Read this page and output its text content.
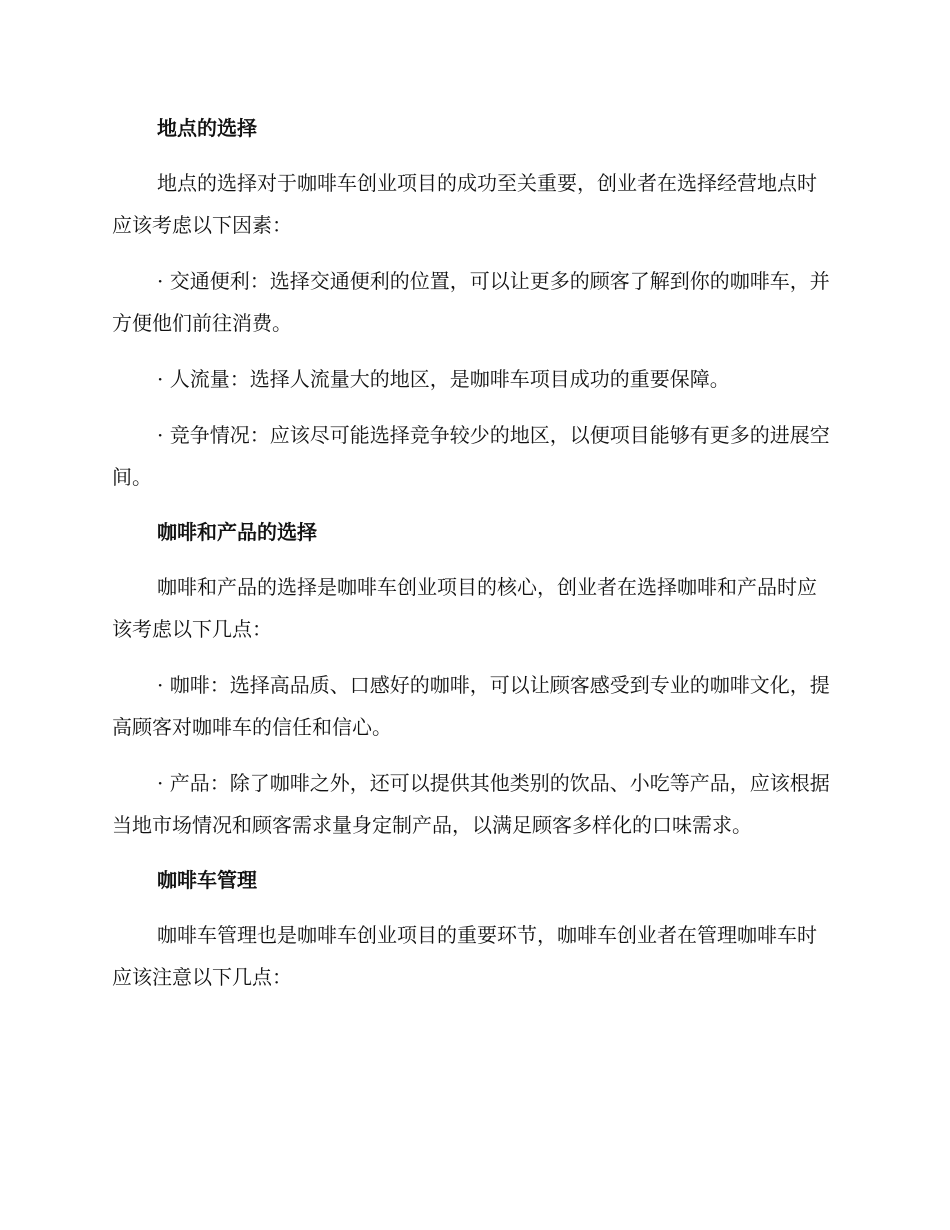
地点的选择

地点的选择对于咖啡车创业项目的成功至关重要，创业者在选择经营地点时应该考虑以下因素：

· 交通便利：选择交通便利的位置，可以让更多的顾客了解到你的咖啡车，并方便他们前往消费。

· 人流量：选择人流量大的地区，是咖啡车项目成功的重要保障。

· 竞争情况：应该尽可能选择竞争较少的地区，以便项目能够有更多的进展空间。

咖啡和产品的选择

咖啡和产品的选择是咖啡车创业项目的核心，创业者在选择咖啡和产品时应该考虑以下几点：

· 咖啡：选择高品质、口感好的咖啡，可以让顾客感受到专业的咖啡文化，提高顾客对咖啡车的信任和信心。

· 产品：除了咖啡之外，还可以提供其他类别的饮品、小吃等产品，应该根据当地市场情况和顾客需求量身定制产品，以满足顾客多样化的口味需求。

咖啡车管理

咖啡车管理也是咖啡车创业项目的重要环节，咖啡车创业者在管理咖啡车时应该注意以下几点：
